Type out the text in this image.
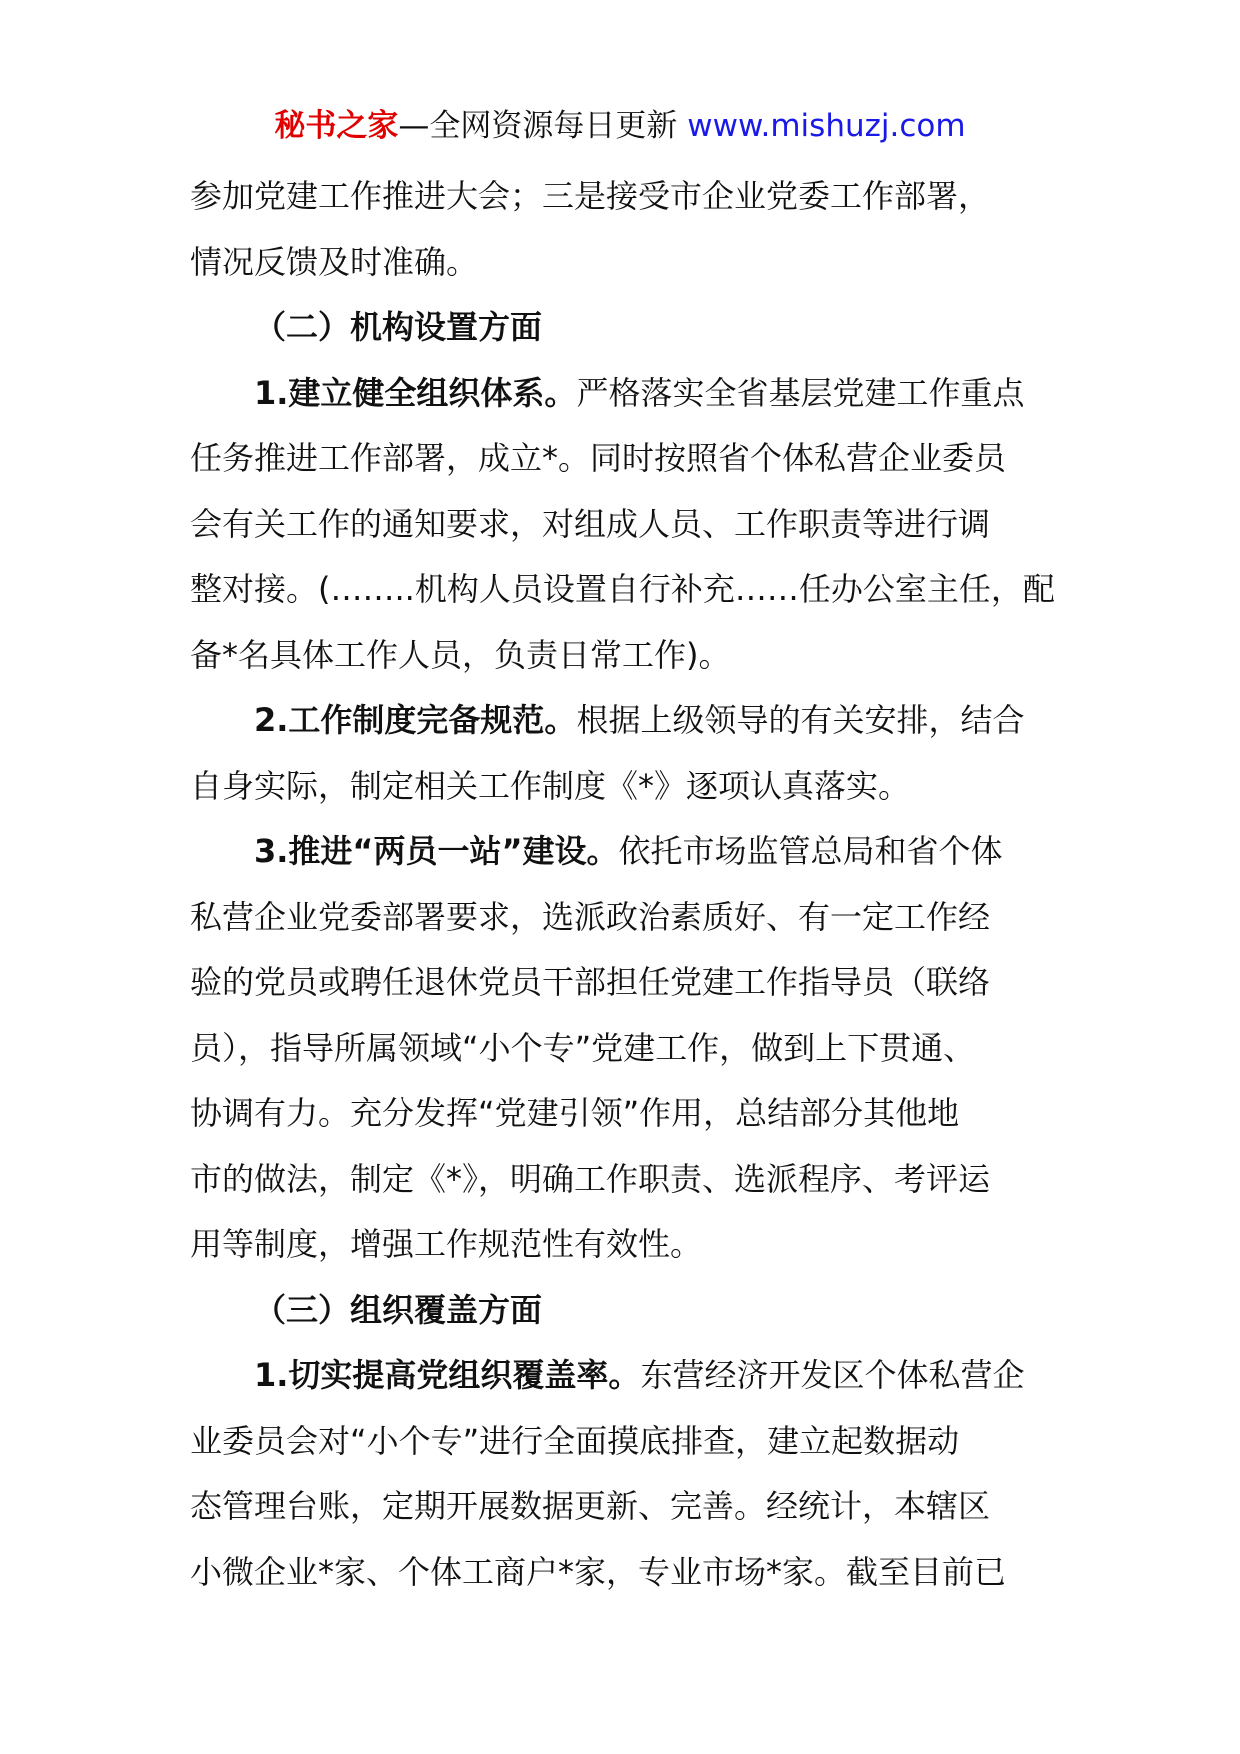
秘书之家—全网资源每日更新 www.mishuzj.com
参加党建工作推进大会；三是接受市企业党委工作部署，
情况反馈及时准确。
（二）机构设置方面
1.建立健全组织体系。严格落实全省基层党建工作重点
任务推进工作部署，成立*。同时按照省个体私营企业委员
会有关工作的通知要求，对组成人员、工作职责等进行调
整对接。(……..机构人员设置自行补充……任办公室主任，配
备*名具体工作人员，负责日常工作)。
2.工作制度完备规范。根据上级领导的有关安排，结合
自身实际，制定相关工作制度《*》逐项认真落实。
3.推进“两员一站”建设。依托市场监管总局和省个体
私营企业党委部署要求，选派政治素质好、有一定工作经
验的党员或聘任退休党员干部担任党建工作指导员（联络
员），指导所属领域“小个专”党建工作，做到上下贯通、
协调有力。充分发挥“党建引领”作用，总结部分其他地
市的做法，制定《*》，明确工作职责、选派程序、考评运
用等制度，增强工作规范性有效性。
（三）组织覆盖方面
1.切实提高党组织覆盖率。东营经济开发区个体私营企
业委员会对“小个专”进行全面摸底排查，建立起数据动
态管理台账，定期开展数据更新、完善。经统计，本辖区
小微企业*家、个体工商户*家，专业市场*家。截至目前已
